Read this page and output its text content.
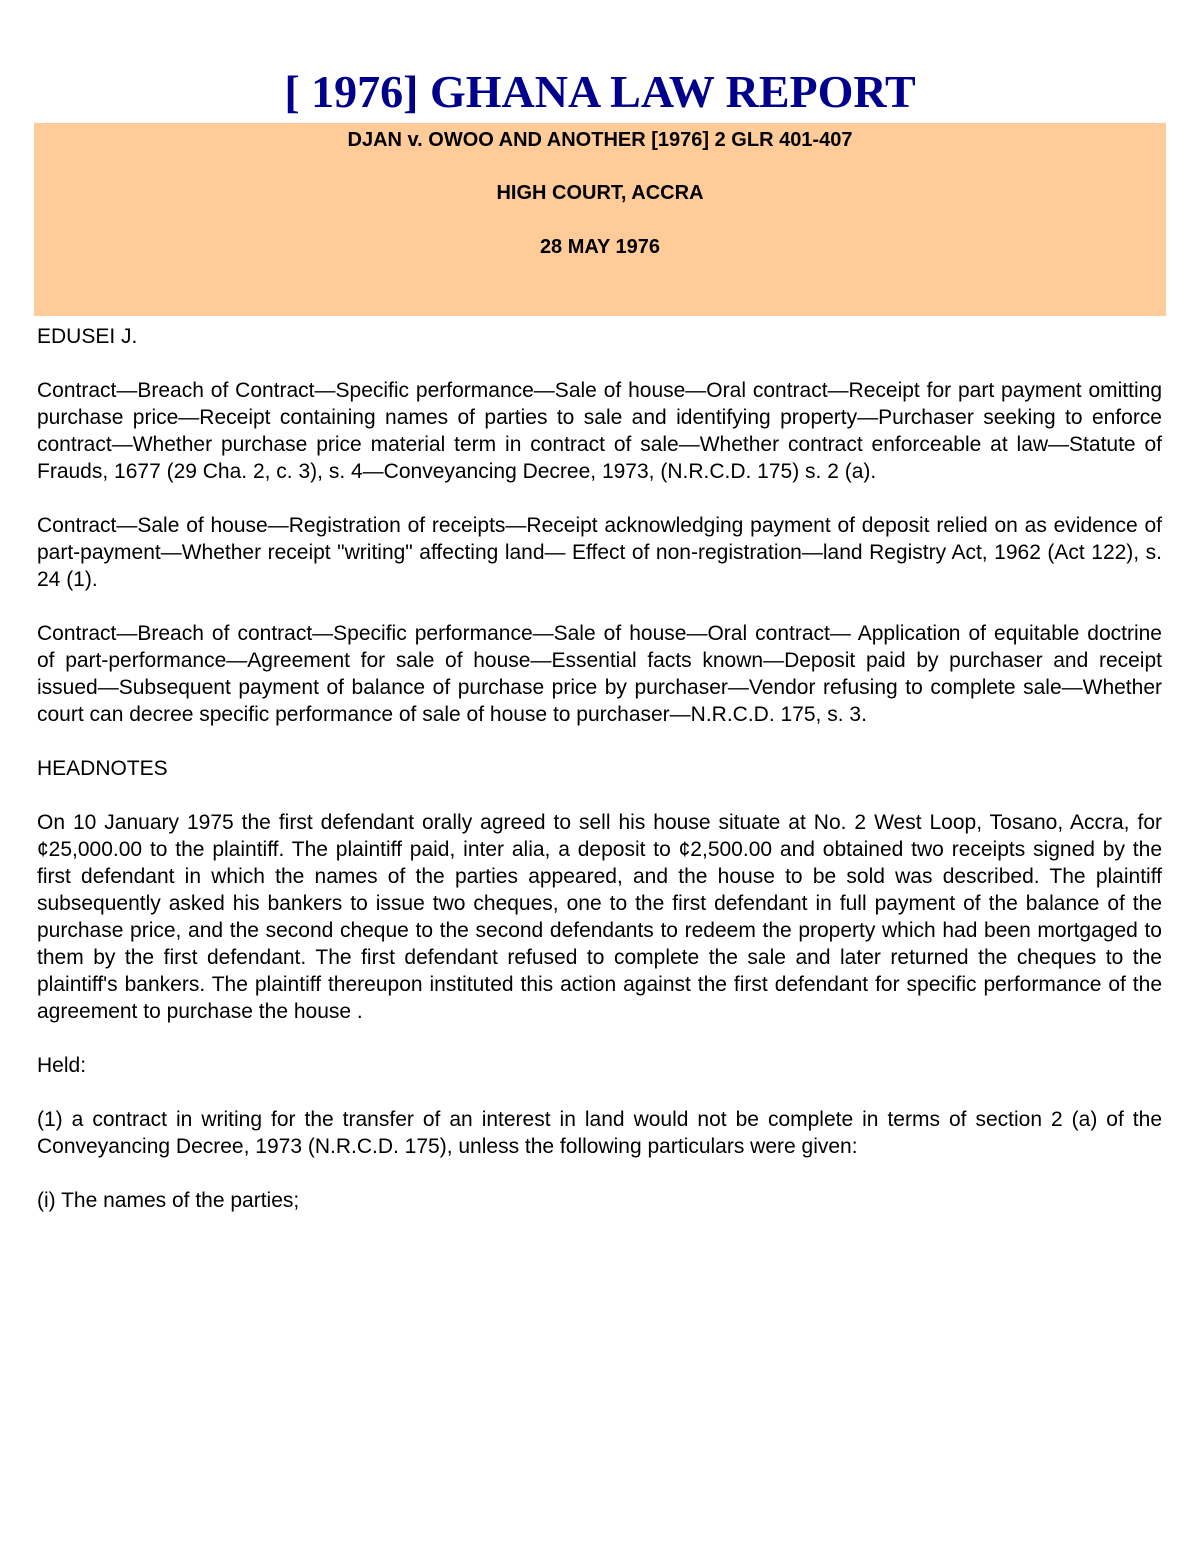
[ 1976] GHANA LAW REPORT
DJAN v. OWOO AND ANOTHER [1976] 2 GLR 401-407
HIGH COURT, ACCRA
28 MAY 1976

EDUSEI J.

Contract—Breach of Contract—Specific performance—Sale of house—Oral contract—Receipt for part payment omitting purchase price—Receipt containing names of parties to sale and identifying property—Purchaser seeking to enforce contract—Whether purchase price material term in contract of sale—Whether contract enforceable at law—Statute of Frauds, 1677 (29 Cha. 2, c. 3), s. 4—Conveyancing Decree, 1973, (N.R.C.D. 175) s. 2 (a).

Contract—Sale of house—Registration of receipts—Receipt acknowledging payment of deposit relied on as evidence of part-payment—Whether receipt "writing" affecting land— Effect of non-registration—land Registry Act, 1962 (Act 122), s. 24 (1).

Contract—Breach of contract—Specific performance—Sale of house—Oral contract— Application of equitable doctrine of part-performance—Agreement for sale of house—Essential facts known—Deposit paid by purchaser and receipt issued—Subsequent payment of balance of purchase price by purchaser—Vendor refusing to complete sale—Whether court can decree specific performance of sale of house to purchaser—N.R.C.D. 175, s. 3.

HEADNOTES

On 10 January 1975 the first defendant orally agreed to sell his house situate at No. 2 West Loop, Tosano, Accra, for ¢25,000.00 to the plaintiff. The plaintiff paid, inter alia, a deposit to ¢2,500.00 and obtained two receipts signed by the first defendant in which the names of the parties appeared, and the house to be sold was described. The plaintiff subsequently asked his bankers to issue two cheques, one to the first defendant in full payment of the balance of the purchase price, and the second cheque to the second defendants to redeem the property which had been mortgaged to them by the first defendant. The first defendant refused to complete the sale and later returned the cheques to the plaintiff's bankers. The plaintiff thereupon instituted this action against the first defendant for specific performance of the agreement to purchase the house .

Held:

(1) a contract in writing for the transfer of an interest in land would not be complete in terms of section 2 (a) of the Conveyancing Decree, 1973 (N.R.C.D. 175), unless the following particulars were given:

(i) The names of the parties;
